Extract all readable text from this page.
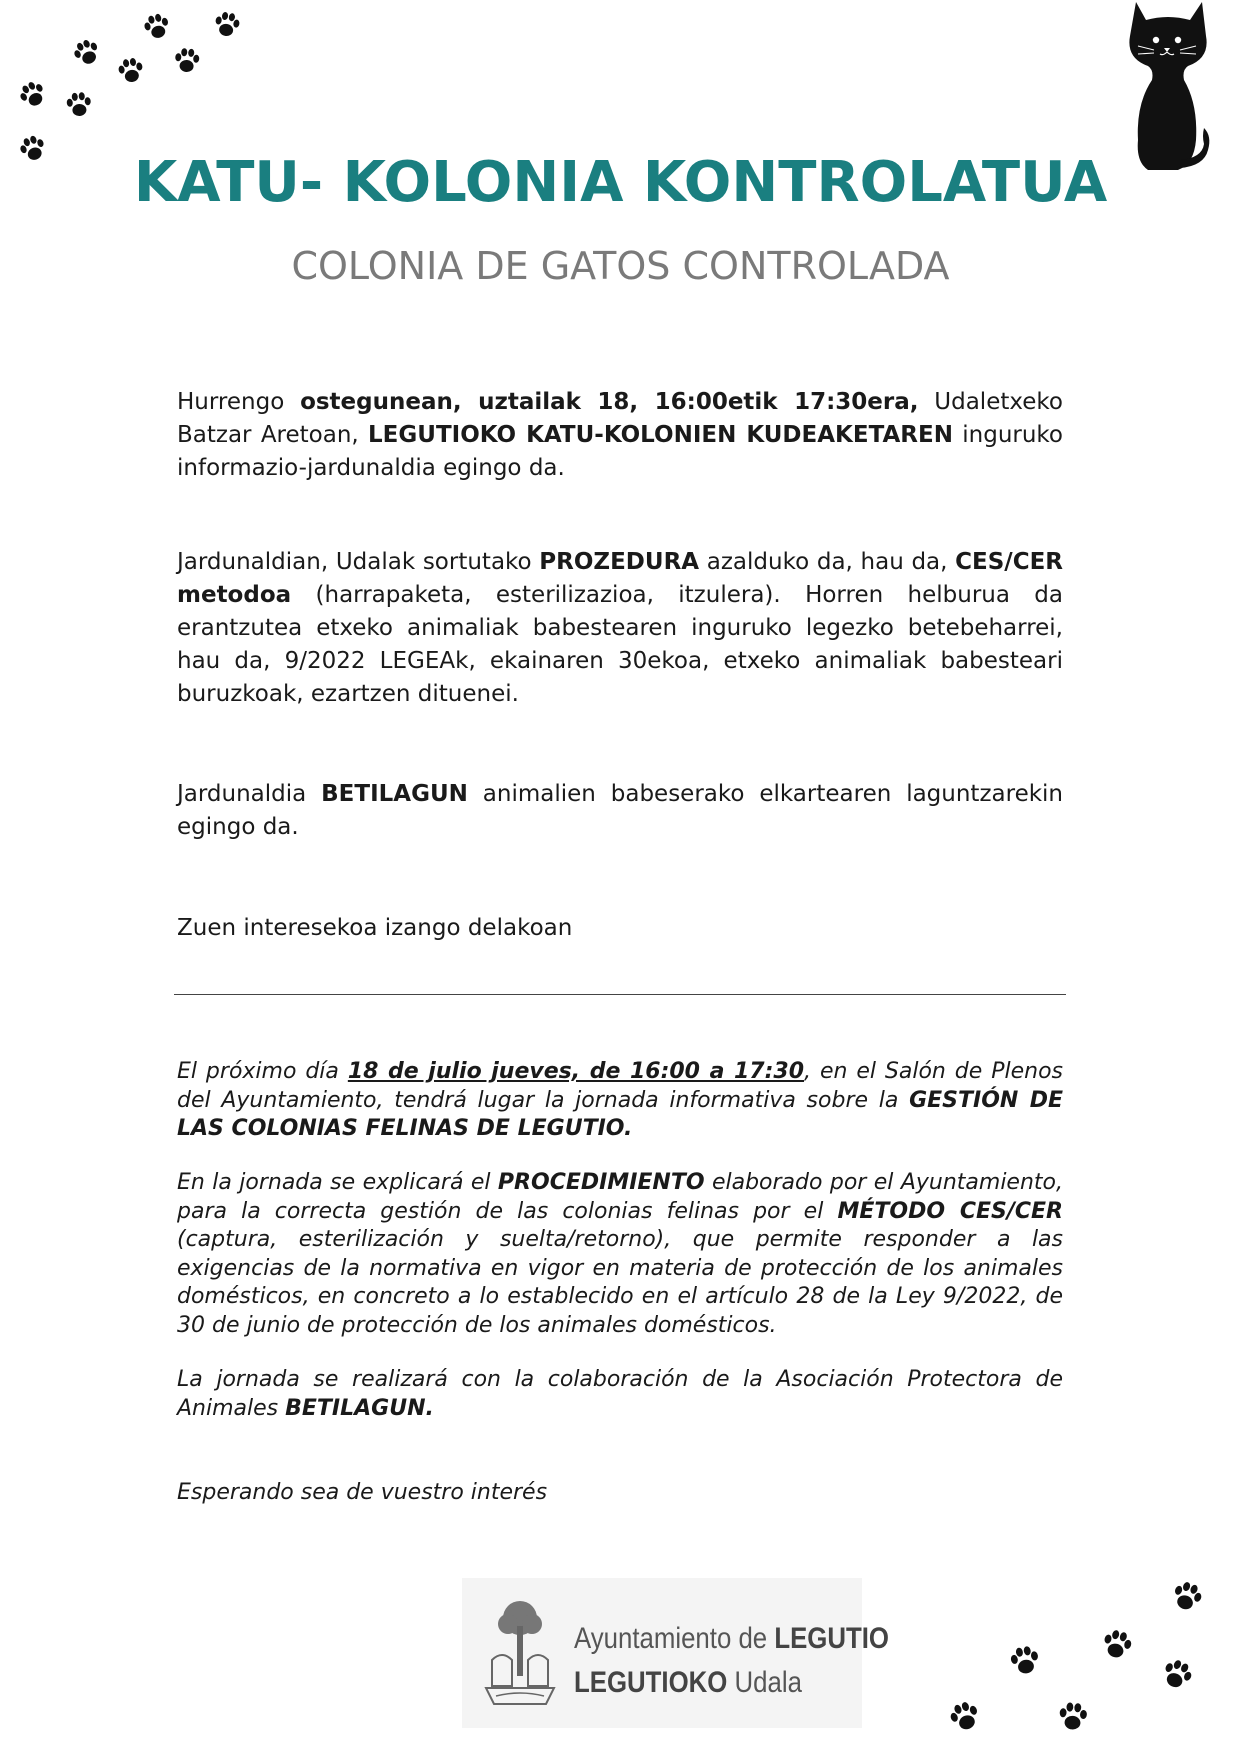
KATU- KOLONIA KONTROLATUA
COLONIA DE GATOS CONTROLADA

Hurrengo ostegunean, uztailak 18, 16:00etik 17:30era, Udaletxeko Batzar Aretoan, LEGUTIOKO KATU-KOLONIEN KUDEAKETAREN inguruko informazio-jardunaldia egingo da.

Jardunaldian, Udalak sortutako PROZEDURA azalduko da, hau da, CES/CER metodoa (harrapaketa, esterilizazioa, itzulera). Horren helburua da erantzutea etxeko animaliak babestearen inguruko legezko betebeharrei, hau da, 9/2022 LEGEAk, ekainaren 30ekoa, etxeko animaliak babesteari buruzkoak, ezartzen dituenei.

Jardunaldia BETILAGUN animalien babeserako elkartearen laguntzarekin egingo da.

Zuen interesekoa izango delakoan

El próximo día 18 de julio jueves, de 16:00 a 17:30, en el Salón de Plenos del Ayuntamiento, tendrá lugar la jornada informativa sobre la GESTIÓN DE LAS COLONIAS FELINAS DE LEGUTIO.

En la jornada se explicará el PROCEDIMIENTO elaborado por el Ayuntamiento, para la correcta gestión de las colonias felinas por el MÉTODO CES/CER (captura, esterilización y suelta/retorno), que permite responder a las exigencias de la normativa en vigor en materia de protección de los animales domésticos, en concreto a lo establecido en el artículo 28 de la Ley 9/2022, de 30 de junio de protección de los animales domésticos.

La jornada se realizará con la colaboración de la Asociación Protectora de Animales BETILAGUN.

Esperando sea de vuestro interés

Ayuntamiento de LEGUTIO
LEGUTIOKO Udala
